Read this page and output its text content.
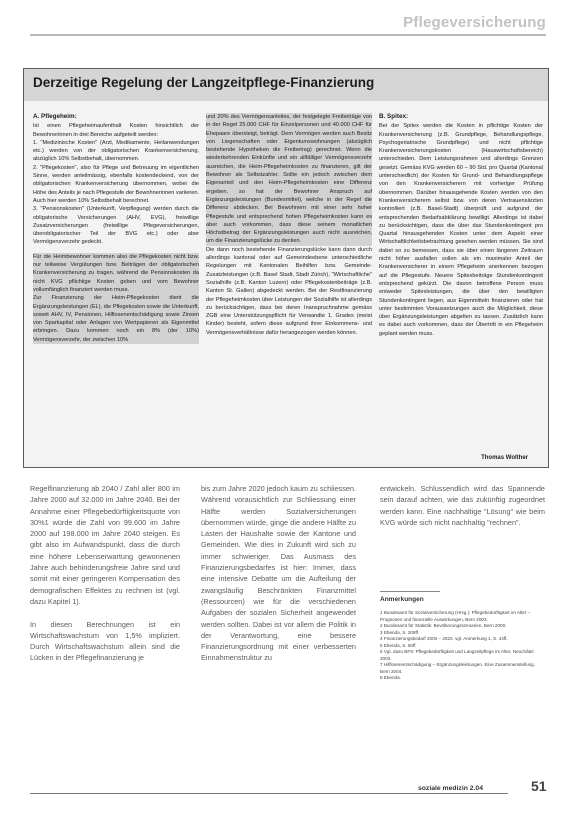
Pflegeversicherung
Derzeitige Regelung der Langzeitpflege-Finanzierung

A. Pflegeheim:

Ist einen Pflegeheimaufenthalt Kosten hinsichtlich der Bewohnerinnen in drei Bereiche aufgeteilt werden:

1. "Medizinische Kosten" (Arzt, Medikamente, Heilanwendungen etc.) werden von der obligatorischen Krankenversicherung, abzüglich 10% Selbstbehalt, übernommen.

2. "Pflegekosten", also für Pflege und Betreuung im eigentlichen Sinne, werden anteilmässig, ebenfalls kostendeckend, von der obligatorischen Krankenversicherung übernommen, wobei die Höhe des Anteils je nach Pflegestufe der Bewohnerinnen variieren. Auch hier werden 10% Selbstbehalt berechnet.

3. "Pensionskosten" (Unterkunft, Verpflegung) werden durch die obligatorische Versicherungen (AHV, EVG), freiwillige Zusatzversicherungen (freiwillige Pflegeversicherungen, überobligatorischer Teil der BVG etc.) oder aber Vermögensverzehr gedeckt.

Für die Heimbewohner kommen also die Pflegekosten nicht bzw. nur teilweise Vergütungen bzw. Beiträgen der obligatorischen Krankenversicherung zu tragen, während die Pensionskosten da nicht KVG pflichtige Kosten geben und vom Bewohner vollumfänglich finanziert werden muss.

Zur Finanzierung der Heim-Pflegekosten dient die Ergänzungsleistungen (EL), die Pflegekosten sowie die Unterkunft, soweit AHV, IV, Pensionen, Hilflosenentschädigung sowie Zinsen von Sparkapital oder Anlagen von Wertpapieren als Eigenmittel erbringen. Dazu kommen noch ein 8% (der 10%) Vermögensverzehr, der zwischen 10%

und 20% des Vermögensanteiles, der festgelegte Freibeträge von in der Regel 25.000 CHF für Einzelpersonen und 40.000 CHF für Ehepaare übersteigt, beträgt. Dem Vermögen werden auch Besitz von Liegenschaften oder Eigentumswohnungen (abzüglich bestehende Hypotheken die Freibetrag) gerechnet. Wenn die wiederkehrenden Einkünfte und ein allfälliger Vermögensverzehr ausreichen, die Heim-Pflegeheimkosten zu finanzieren, gilt der Bewohner als Selbstzahler. Sollte ein jedoch zwischen dem Eigenanteil und den Heim-Pflegeheimkosten eine Differenz ergeben, so hat der Bewohner Anspruch auf Ergänzungsleistungen (Bundesmittel), welche in der Regel die Differenz abdecken. Bei Bewohnern mit einer sehr hoher Pflegestufe und entsprechend hohen Pflegeheimkosten kann es aber auch vorkommen, dass diese seinem monatlichen Höchstbetrag der Ergänzungsleistungen auch nicht ausreichen, um die Finanzierungslücke zu decken.

Die dann noch bestehende Finanzierungslücke kann dann durch allerdings kantonal oder auf Gemeindeebene unterschiedliche Regelungen mit Kantonalen Beihilfen bzw. Gemeinde-Zusatzleistungen (z.B. Basel Stadt, Stadt Zürich), "Wirtschaftliche" Sozialhilfe (z.B. Kanton Luzern) oder Pflegekostenbeiträge (z.B. Kanton St. Gallen) abgedeckt werden. Bei der Restfinanzierung der Pflegeheimkosten über Leistungen der Sozialhilfe ist allerdings zu berücksichtigen, dass bei deren Inanspruchnahme gemäss ZGB eine Unterstützungspflicht für Verwandte 1. Grades (meist Kinder) besteht, sofern diese aufgrund ihrer Einkommens- und Vermögensverhältnisse dafür herangezogen werden können.

B. Spitex:

Bei der Spitex werden die Kosten in pflichtige Kosten der Krankenversicherung (z.B. Grundpflege, Behandlungspflege, Psychogeriatrische Grundpflege) und nicht pflichtige Krankenversicherungskosten (Hauswirtschaftsbereich) unterschieden. Dem Leistungsrahmen und allerdings Grenzen gesetzt. Gemäss KVG werden 60 – 90 Std. pro Quartal (Kantonal unterschiedlich) der Kosten für Grund- und Behandlungspflege von den Krankenversicherern mit vorheriger Prüfung übernommen. Darüber hinausgehende Kosten werden von den Krankenversicherern selbst bzw. von deren Vertrauensärzten kontrolliert (z.B. Basel-Stadt) überprüft und aufgrund der entsprechenden Bedarfsabklärung bewilligt. Allerdings ist dabei zu berücksichtigen, dass die über das Stundenkontingent pro Quartal hinausgehenden Kosten unter dem Aspekt einer Wirtschaftlichkeitsbetrachtung gesehen werden müssen. Sie sind dabei so zu bemessen, dass sie über einen längeren Zeitraum nicht höher ausfallen sollen als ein maximaler Anteil der Krankenversicherer in einem Pflegeheim anerkennen bezogen auf die Pflegestufe. Neuere Spitexbeiträge Stundenkontingent entsprechend gekürzt. Die davon betroffene Person muss entweder Spitexleistungen, die über den bewilligten Stundenkontingent liegen, aus Eigenmitteln finanzieren oder hat unter bestimmten Voraussetzungen auch die Möglichkeit, diese über Ergänzungsleistungen abgelten zu lassen. Zusätzlich kann es dabei auch vorkommen, dass der Übertritt in ein Pflegeheim geplant werden muss.

Thomas Wolther
Regelfinanzierung ab 2040 / Zahl aller 800 im Jahre 2000 auf 32.000 im Jahre 2040. Bei der Annahme einer Pflegebedürftigkeitsquote von 30%1 würde die Zahl von 99.600 im Jahre 2000 auf 198.000 im Jahre 2040 steigen. Es gibt also im Aufwandspunkt, dass die durch eine höhere Lebenserwartung gewonnenen Jahre auch behinderungsfreie Jahre sind und somit mit einer geringeren Kompensation des demografischen Effektes zu rechnen ist (vgl. dazu Kapitel 1).

In diesen Berechnungen ist ein Wirtschaftswachstum von 1,5% impliziert. Durch Wirtschaftswachstum allein sind die Lücken in der Pflegefinanzierung je
bis zum Jahre 2020 jedoch kaum zu schliessen. Während vorausichtlich zur Schliessung einer Hälfte werden Sozialversicherungen übernommen würde, ginge die andere Hälfte zu Lasten der Haushalte sowie der Kantone und Gemeinden. Wie dies in Zukunft wird sich zu immer schwieriger. Das Ausmass des Finanzierungsbedarfes ist hier: Immer, dass eine intensive Debatte um die Aufteilung der zwangsläufig Beschränkten Finanzmittel (Ressourcen) wie für die verschiedenen Aufgaben der sozialen Sicherheit angewendet werden sollten. Dabei ist vor allem die Politik in der Verantwortung, eine bessere Finanzierungsordnung mit einer verbesserten Einnahmenstruktur zu
entwickeln. Schlussendlich wird das Spannende sein darauf achten, wie das zukünftig zugeordnet werden kann. Eine nachhaltige "Lösung" wie beim KVG würde sich nicht nachhaltig "rechnen".
Anmerkungen

1 Bundesamt für Sozialversicherung (Hrsg.): Pflegebedürftigkeit im Alter – Prognosen und finanzielle Auswirkungen, Bern 2003.

2 Bundesamt für Statistik: Bevölkerungsszenarien, Bern 2000.

3 Ebenda, S. 208ff.

4 Finanzierungsbedarf 2000 – 2020, vgl. Anmerkung 1, S. 44ff.

5 Ebenda, S. 50ff.

6 Vgl. dazu BFS: Pflegebedürftigkeit und Langzeitpflege im Alter, Neuchâtel 2003.

7 Hilflosenentschädigung – Ergänzungsleistungen. Eine Zusammenstellung. Bern 2004.

8 Ebenda.

soziale medizin 2.04	51
